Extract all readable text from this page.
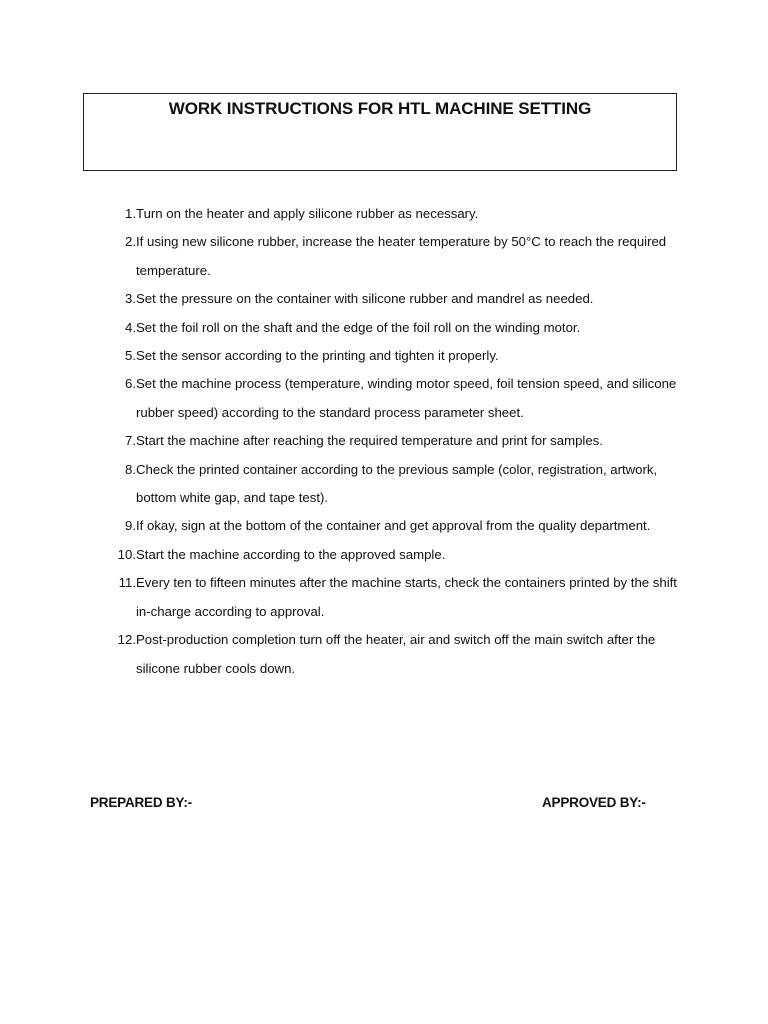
WORK INSTRUCTIONS FOR HTL MACHINE SETTING
1. Turn on the heater and apply silicone rubber as necessary.
2. If using new silicone rubber, increase the heater temperature by 50°C to reach the required temperature.
3. Set the pressure on the container with silicone rubber and mandrel as needed.
4. Set the foil roll on the shaft and the edge of the foil roll on the winding motor.
5. Set the sensor according to the printing and tighten it properly.
6. Set the machine process (temperature, winding motor speed, foil tension speed, and silicone rubber speed) according to the standard process parameter sheet.
7. Start the machine after reaching the required temperature and print for samples.
8. Check the printed container according to the previous sample (color, registration, artwork, bottom white gap, and tape test).
9. If okay, sign at the bottom of the container and get approval from the quality department.
10. Start the machine according to the approved sample.
11. Every ten to fifteen minutes after the machine starts, check the containers printed by the shift in-charge according to approval.
12. Post-production completion turn off the heater, air and switch off the main switch after the silicone rubber cools down.
PREPARED BY:-	APPROVED BY:-
